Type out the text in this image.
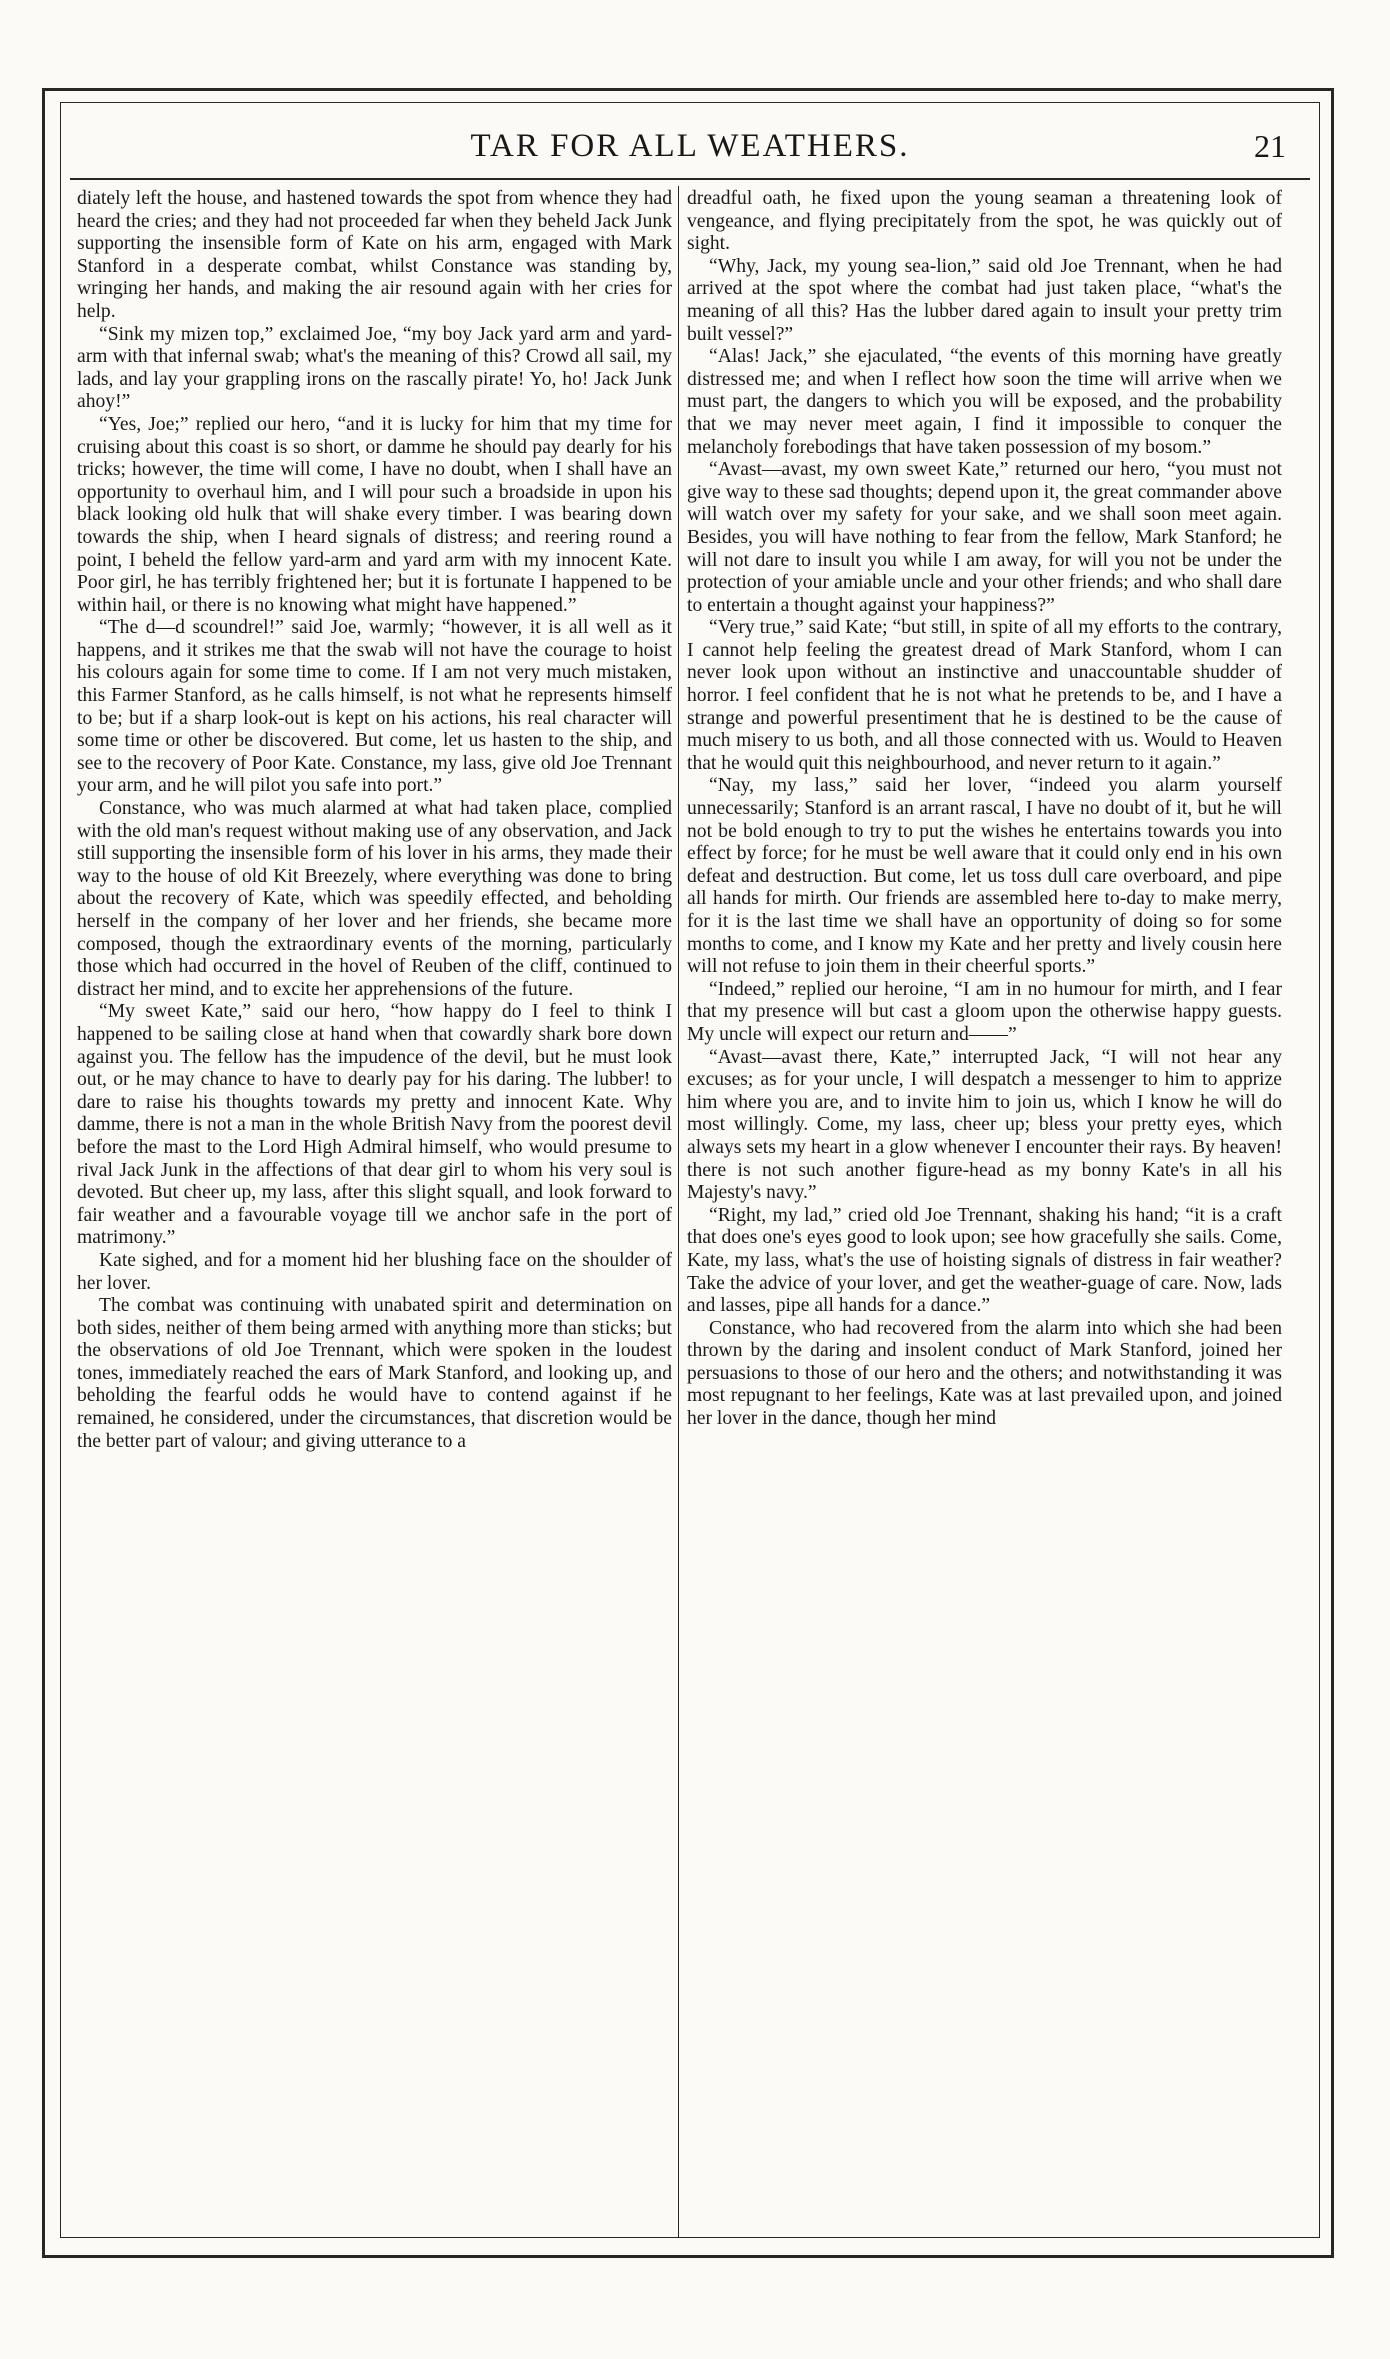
TAR FOR ALL WEATHERS.	21

diately left the house, and hastened towards the spot from whence they had heard the cries; and they had not proceeded far when they beheld Jack Junk supporting the insensible form of Kate on his arm, engaged with Mark Stanford in a desperate combat, whilst Constance was standing by, wringing her hands, and making the air resound again with her cries for help.

“Sink my mizen top,” exclaimed Joe, “my boy Jack yard arm and yard-arm with that infernal swab; what's the meaning of this? Crowd all sail, my lads, and lay your grappling irons on the rascally pirate! Yo, ho! Jack Junk ahoy!”

“Yes, Joe;” replied our hero, “and it is lucky for him that my time for cruising about this coast is so short, or damme he should pay dearly for his tricks; however, the time will come, I have no doubt, when I shall have an opportunity to overhaul him, and I will pour such a broadside in upon his black looking old hulk that will shake every timber. I was bearing down towards the ship, when I heard signals of distress; and reering round a point, I beheld the fellow yard-arm and yard arm with my innocent Kate. Poor girl, he has terribly frightened her; but it is fortunate I happened to be within hail, or there is no knowing what might have happened.”

“The d—d scoundrel!” said Joe, warmly; “however, it is all well as it happens, and it strikes me that the swab will not have the courage to hoist his colours again for some time to come. If I am not very much mistaken, this Farmer Stanford, as he calls himself, is not what he represents himself to be; but if a sharp look-out is kept on his actions, his real character will some time or other be discovered. But come, let us hasten to the ship, and see to the recovery of Poor Kate. Constance, my lass, give old Joe Trennant your arm, and he will pilot you safe into port.”

Constance, who was much alarmed at what had taken place, complied with the old man's request without making use of any observation, and Jack still supporting the insensible form of his lover in his arms, they made their way to the house of old Kit Breezely, where everything was done to bring about the recovery of Kate, which was speedily effected, and beholding herself in the company of her lover and her friends, she became more composed, though the extraordinary events of the morning, particularly those which had occurred in the hovel of Reuben of the cliff, continued to distract her mind, and to excite her apprehensions of the future.

“My sweet Kate,” said our hero, “how happy do I feel to think I happened to be sailing close at hand when that cowardly shark bore down against you. The fellow has the impudence of the devil, but he must look out, or he may chance to have to dearly pay for his daring. The lubber! to dare to raise his thoughts towards my pretty and innocent Kate. Why damme, there is not a man in the whole British Navy from the poorest devil before the mast to the Lord High Admiral himself, who would presume to rival Jack Junk in the affections of that dear girl to whom his very soul is devoted. But cheer up, my lass, after this slight squall, and look forward to fair weather and a favourable voyage till we anchor safe in the port of matrimony.”

Kate sighed, and for a moment hid her blushing face on the shoulder of her lover.

The combat was continuing with unabated spirit and determination on both sides, neither of them being armed with anything more than sticks; but the observations of old Joe Trennant, which were spoken in the loudest tones, immediately reached the ears of Mark Stanford, and looking up, and beholding the fearful odds he would have to contend against if he remained, he considered, under the circumstances, that discretion would be the better part of valour; and giving utterance to a

dreadful oath, he fixed upon the young seaman a threatening look of vengeance, and flying precipitately from the spot, he was quickly out of sight.

“Why, Jack, my young sea-lion,” said old Joe Trennant, when he had arrived at the spot where the combat had just taken place, “what's the meaning of all this? Has the lubber dared again to insult your pretty trim built vessel?”

“Alas! Jack,” she ejaculated, “the events of this morning have greatly distressed me; and when I reflect how soon the time will arrive when we must part, the dangers to which you will be exposed, and the probability that we may never meet again, I find it impossible to conquer the melancholy forebodings that have taken possession of my bosom.”

“Avast—avast, my own sweet Kate,” returned our hero, “you must not give way to these sad thoughts; depend upon it, the great commander above will watch over my safety for your sake, and we shall soon meet again. Besides, you will have nothing to fear from the fellow, Mark Stanford; he will not dare to insult you while I am away, for will you not be under the protection of your amiable uncle and your other friends; and who shall dare to entertain a thought against your happiness?”

“Very true,” said Kate; “but still, in spite of all my efforts to the contrary, I cannot help feeling the greatest dread of Mark Stanford, whom I can never look upon without an instinctive and unaccountable shudder of horror. I feel confident that he is not what he pretends to be, and I have a strange and powerful presentiment that he is destined to be the cause of much misery to us both, and all those connected with us. Would to Heaven that he would quit this neighbourhood, and never return to it again.”

“Nay, my lass,” said her lover, “indeed you alarm yourself unnecessarily; Stanford is an arrant rascal, I have no doubt of it, but he will not be bold enough to try to put the wishes he entertains towards you into effect by force; for he must be well aware that it could only end in his own defeat and destruction. But come, let us toss dull care overboard, and pipe all hands for mirth. Our friends are assembled here to-day to make merry, for it is the last time we shall have an opportunity of doing so for some months to come, and I know my Kate and her pretty and lively cousin here will not refuse to join them in their cheerful sports.”

“Indeed,” replied our heroine, “I am in no humour for mirth, and I fear that my presence will but cast a gloom upon the otherwise happy guests. My uncle will expect our return and——”

“Avast—avast there, Kate,” interrupted Jack, “I will not hear any excuses; as for your uncle, I will despatch a messenger to him to apprize him where you are, and to invite him to join us, which I know he will do most willingly. Come, my lass, cheer up; bless your pretty eyes, which always sets my heart in a glow whenever I encounter their rays. By heaven! there is not such another figure-head as my bonny Kate's in all his Majesty's navy.”

“Right, my lad,” cried old Joe Trennant, shaking his hand; “it is a craft that does one's eyes good to look upon; see how gracefully she sails. Come, Kate, my lass, what's the use of hoisting signals of distress in fair weather? Take the advice of your lover, and get the weather-guage of care. Now, lads and lasses, pipe all hands for a dance.”

Constance, who had recovered from the alarm into which she had been thrown by the daring and insolent conduct of Mark Stanford, joined her persuasions to those of our hero and the others; and notwithstanding it was most repugnant to her feelings, Kate was at last prevailed upon, and joined her lover in the dance, though her mind
